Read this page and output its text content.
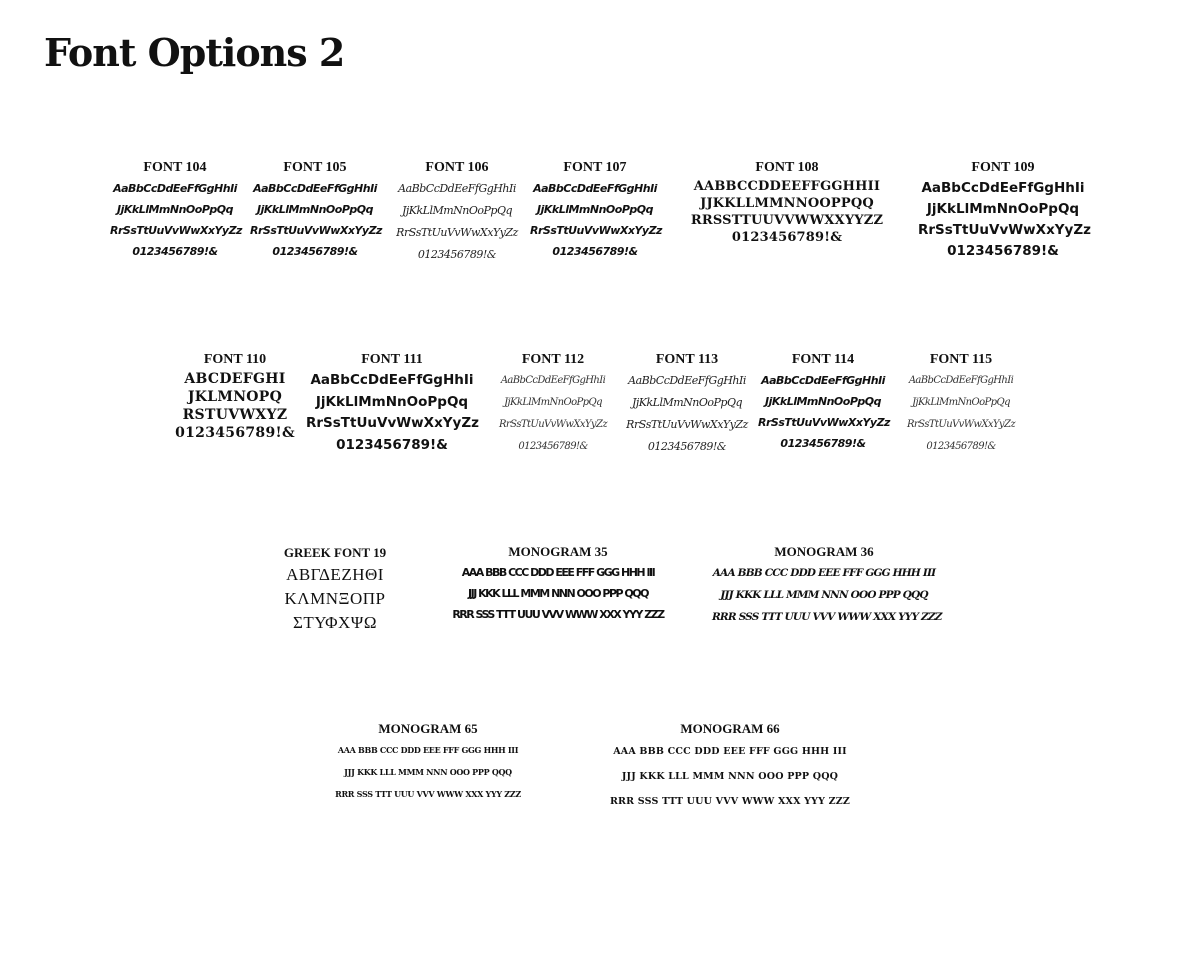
Font Options 2
FONT 104
AaBbCcDdEeFfGgHhIi
JjKkLlMmNnOoPpQq
RrSsTtUuVvWwXxYyZz
0123456789!&
FONT 105
AaBbCcDdEeFfGgHhIi
JjKkLlMmNnOoPpQq
RrSsTtUuVvWwXxYyZz
0123456789!&
FONT 106
AaBbCcDdEeFfGgHhIi
JjKkLlMmNnOoPpQq
RrSsTtUuVvWwXxYyZz
0123456789!&
FONT 107
AaBbCcDdEeFfGgHhIi
JjKkLlMmNnOoPpQq
RrSsTtUuVvWwXxYyZz
0123456789!&
FONT 108
AABBCCDDEEFFGGHHII
JJKKLLMMNNOOPPQQ
RRSSTTUUVVWWXXYYZZ
0123456789!&
FONT 109
AaBbCcDdEeFfGgHhIi
JjKkLlMmNnOoPpQq
RrSsTtUuVvWwXxYyZz
0123456789!&
FONT 110
ABCDEFGHI
JKLMNOPQ
RSTUVWXYZ
0123456789!&
FONT 111
AaBbCcDdEeFfGgHhIi
JjKkLlMmNnOoPpQq
RrSsTtUuVvWwXxYyZz
0123456789!&
FONT 112
AaBbCcDdEeFfGgHhIi
JjKkLlMmNnOoPpQq
RrSsTtUuVvWwXxYyZz
0123456789!&
FONT 113
AaBbCcDdEeFfGgHhIi
JjKkLlMmNnOoPpQq
RrSsTtUuVvWwXxYyZz
0123456789!&
FONT 114
AaBbCcDdEeFfGgHhIi
JjKkLlMmNnOoPpQq
RrSsTtUuVvWwXxYyZz
0123456789!&
FONT 115
AaBbCcDdEeFfGgHhIi
JjKkLlMmNnOoPpQq
RrSsTtUuVvWwXxYyZz
0123456789!&
GREEK FONT 19
ΑΒΓΔΕΖΗΘΙ
ΚΛΜΝΞΟΠΡ
ΣΤΥΦΧΨΩ
MONOGRAM 35
AAA BBB CCC DDD EEE FFF GGG HHH III
JJJ KKK LLL MMM NNN OOO PPP QQQ
RRR SSS TTT UUU VVV WWW XXX YYY ZZZ
MONOGRAM 36
AAA BBB CCC DDD EEE FFF GGG HHH III
JJJ KKK LLL MMM NNN OOO PPP QQQ
RRR SSS TTT UUU VVV WWW XXX YYY ZZZ
MONOGRAM 65
AAA BBB CCC DDD EEE FFF GGG HHH III
JJJ KKK LLL MMM NNN OOO PPP QQQ
RRR SSS TTT UUU VVV WWW XXX YYY ZZZ
MONOGRAM 66
AAA BBB CCC DDD EEE FFF GGG HHH III
JJJ KKK LLL MMM NNN OOO PPP QQQ
RRR SSS TTT UUU VVV WWW XXX YYY ZZZ
